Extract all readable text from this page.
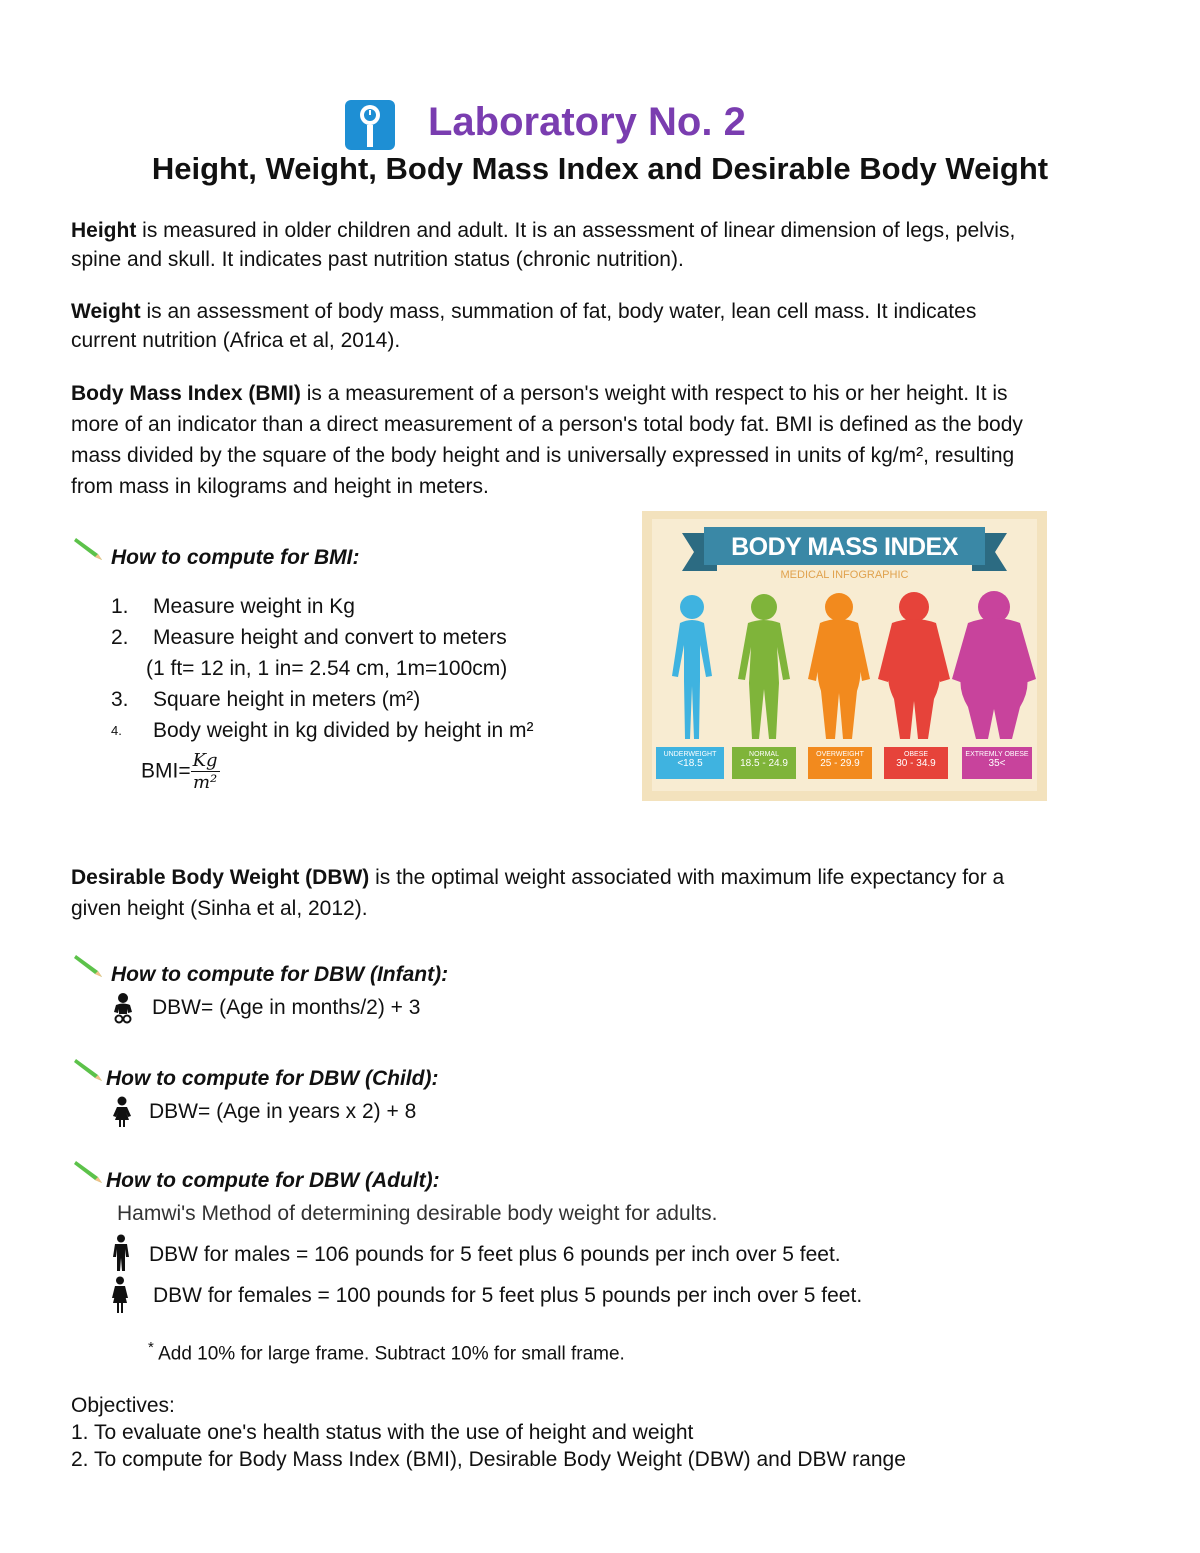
Laboratory No. 2
Height, Weight, Body Mass Index and Desirable Body Weight
Height is measured in older children and adult. It is an assessment of linear dimension of legs, pelvis,
spine and skull. It indicates past nutrition status (chronic nutrition).
Weight is an assessment of body mass, summation of fat, body water, lean cell mass. It indicates
current nutrition (Africa et al, 2014).
Body Mass Index (BMI) is a measurement of a person's weight with respect to his or her height. It is
more of an indicator than a direct measurement of a person's total body fat. BMI is defined as the body
mass divided by the square of the body height and is universally expressed in units of kg/m², resulting
from mass in kilograms and height in meters.
How to compute for BMI:
1. Measure weight in Kg
2. Measure height and convert to meters
(1 ft= 12 in, 1 in= 2.54 cm, 1m=100cm)
3. Square height in meters (m²)
4. Body weight in kg divided by height in m²
$BMI= \frac{Kg}{\text{m²}}$
BODY MASS INDEX
MEDICAL INFOGRAPHIC
UNDERWEIGHT
<18.5
NORMAL
18.5 - 24.9
OVERWEIGHT
25 - 29.9
OBESE
30 - 34.9
EXTREMLY OBESE
35<
Desirable Body Weight (DBW) is the optimal weight associated with maximum life expectancy for a
given height (Sinha et al, 2012).
How to compute for DBW (Infant):
DBW= (Age in months/2) + 3
How to compute for DBW (Child):
DBW= (Age in years x 2) + 8
How to compute for DBW (Adult):
Hamwi's Method of determining desirable body weight for adults.
DBW for males = 106 pounds for 5 feet plus 6 pounds per inch over 5 feet.
DBW for females = 100 pounds for 5 feet plus 5 pounds per inch over 5 feet.
* Add 10% for large frame. Subtract 10% for small frame.
Objectives:
1. To evaluate one's health status with the use of height and weight
2. To compute for Body Mass Index (BMI), Desirable Body Weight (DBW) and DBW range
